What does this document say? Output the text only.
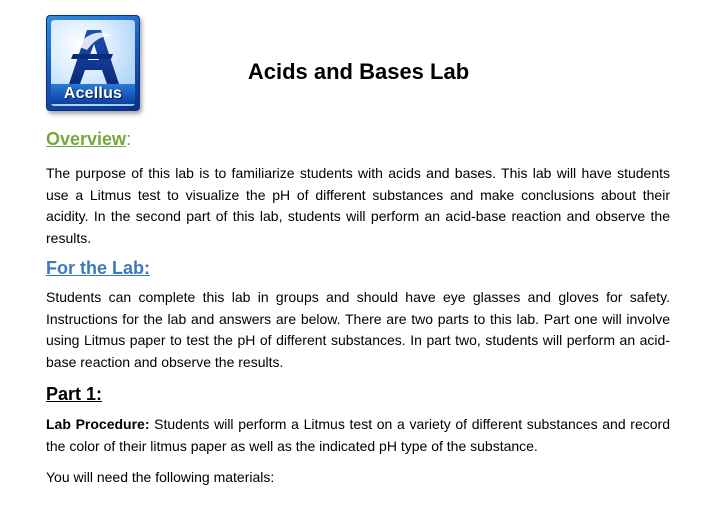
Acellus
Acids and Bases Lab
Overview:

The purpose of this lab is to familiarize students with acids and bases. This lab will have students use a Litmus test to visualize the pH of different substances and make conclusions about their acidity. In the second part of this lab, students will perform an acid-base reaction and observe the results.

For the Lab:

Students can complete this lab in groups and should have eye glasses and gloves for safety. Instructions for the lab and answers are below. There are two parts to this lab. Part one will involve using Litmus paper to test the pH of different substances. In part two, students will perform an acid- base reaction and observe the results.

Part 1:

Lab Procedure: Students will perform a Litmus test on a variety of different substances and record the color of their litmus paper as well as the indicated pH type of the substance.

You will need the following materials:
